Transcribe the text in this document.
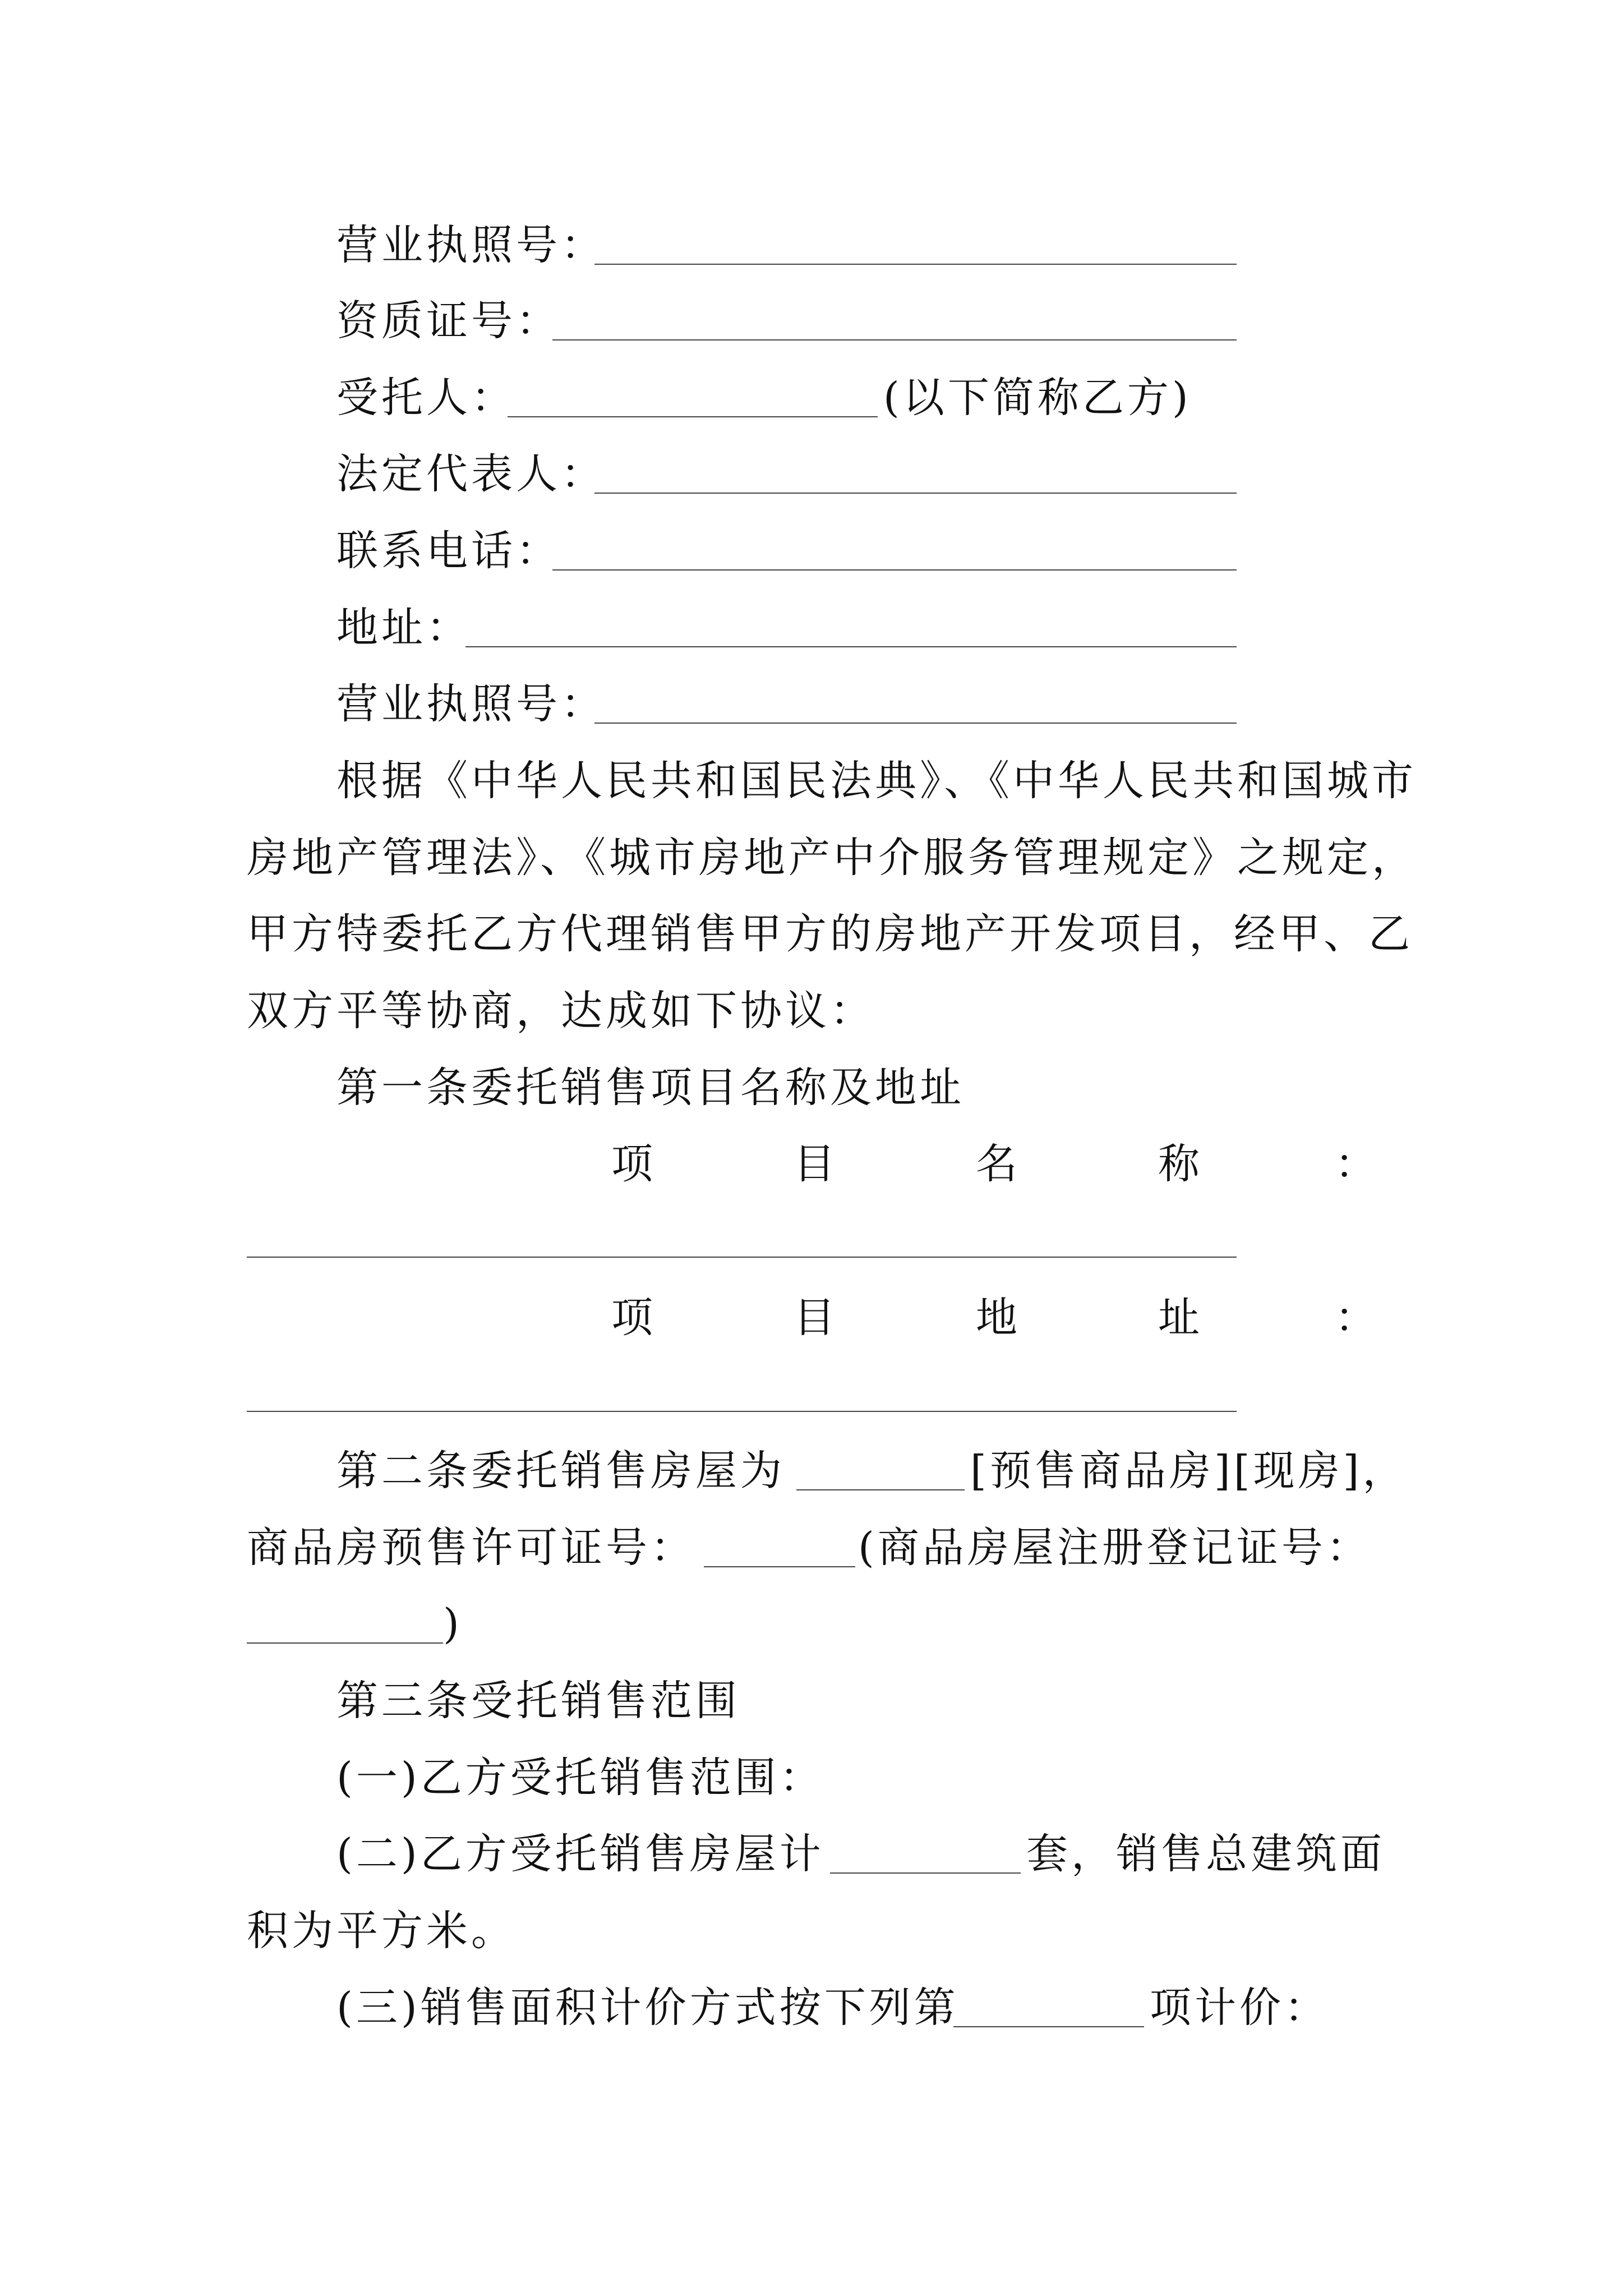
营业执照号：
资质证号：
受托人：	(以下简称乙方)
法定代表人：
联系电话：
地址：
营业执照号：
根据《中华人民共和国民法典》、《中华人民共和国城市
房地产管理法》、《城市房地产中介服务管理规定》之规定，
甲方特委托乙方代理销售甲方的房地产开发项目，经甲、乙
双方平等协商，达成如下协议：
第一条委托销售项目名称及地址
项	目	名	称	：
项	目	地	址	：
第二条委托销售房屋为	[预售商品房][现房]，
商品房预售许可证号：	(商品房屋注册登记证号：
)
第三条受托销售范围
(一)乙方受托销售范围：
(二)乙方受托销售房屋计	套，销售总建筑面
积为平方米。
(三)销售面积计价方式按下列第	项计价：
